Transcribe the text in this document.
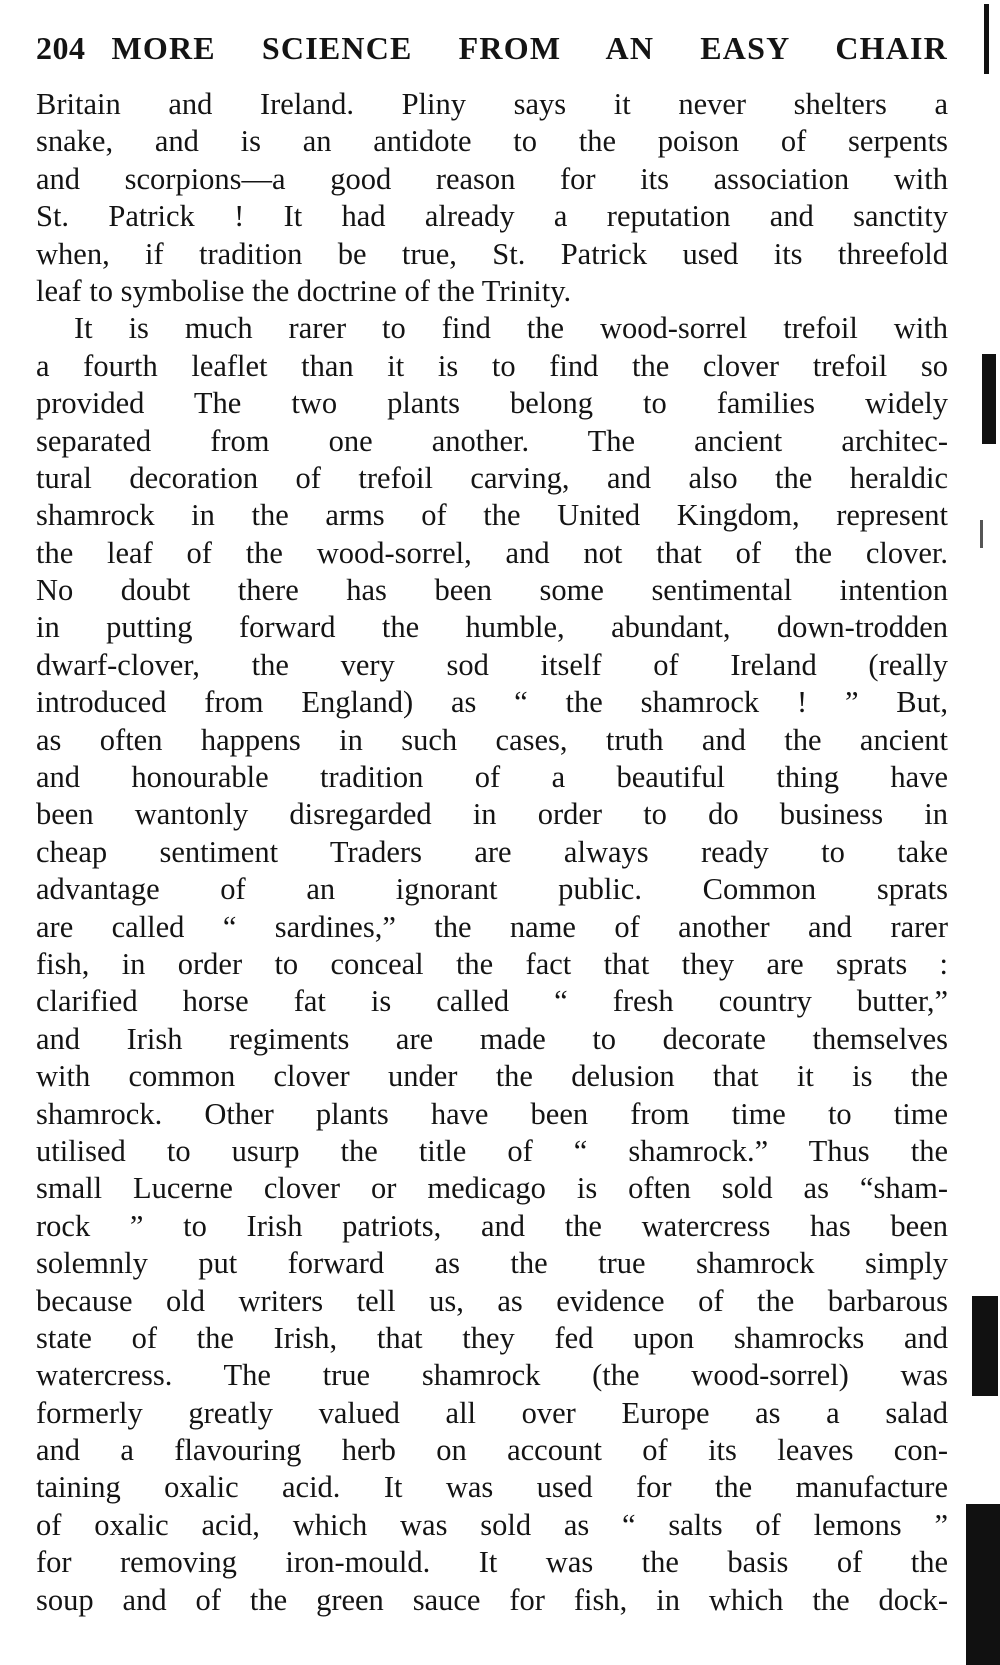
204 MORE SCIENCE FROM AN EASY CHAIR
Britain and Ireland. Pliny says it never shelters a
snake, and is an antidote to the poison of serpents
and scorpions—a good reason for its association with
St. Patrick ! It had already a reputation and sanctity
when, if tradition be true, St. Patrick used its threefold
leaf to symbolise the doctrine of the Trinity.
It is much rarer to find the wood-sorrel trefoil with
a fourth leaflet than it is to find the clover trefoil so
provided The two plants belong to families widely
separated from one another. The ancient architec-
tural decoration of trefoil carving, and also the heraldic
shamrock in the arms of the United Kingdom, represent
the leaf of the wood-sorrel, and not that of the clover.
No doubt there has been some sentimental intention
in putting forward the humble, abundant, down-trodden
dwarf-clover, the very sod itself of Ireland (really
introduced from England) as “ the shamrock ! ” But,
as often happens in such cases, truth and the ancient
and honourable tradition of a beautiful thing have
been wantonly disregarded in order to do business in
cheap sentiment Traders are always ready to take
advantage of an ignorant public. Common sprats
are called “ sardines,” the name of another and rarer
fish, in order to conceal the fact that they are sprats :
clarified horse fat is called “ fresh country butter,”
and Irish regiments are made to decorate themselves
with common clover under the delusion that it is the
shamrock. Other plants have been from time to time
utilised to usurp the title of “ shamrock.” Thus the
small Lucerne clover or medicago is often sold as “sham-
rock ” to Irish patriots, and the watercress has been
solemnly put forward as the true shamrock simply
because old writers tell us, as evidence of the barbarous
state of the Irish, that they fed upon shamrocks and
watercress. The true shamrock (the wood-sorrel) was
formerly greatly valued all over Europe as a salad
and a flavouring herb on account of its leaves con-
taining oxalic acid. It was used for the manufacture
of oxalic acid, which was sold as “ salts of lemons ”
for removing iron-mould. It was the basis of the
soup and of the green sauce for fish, in which the dock-
